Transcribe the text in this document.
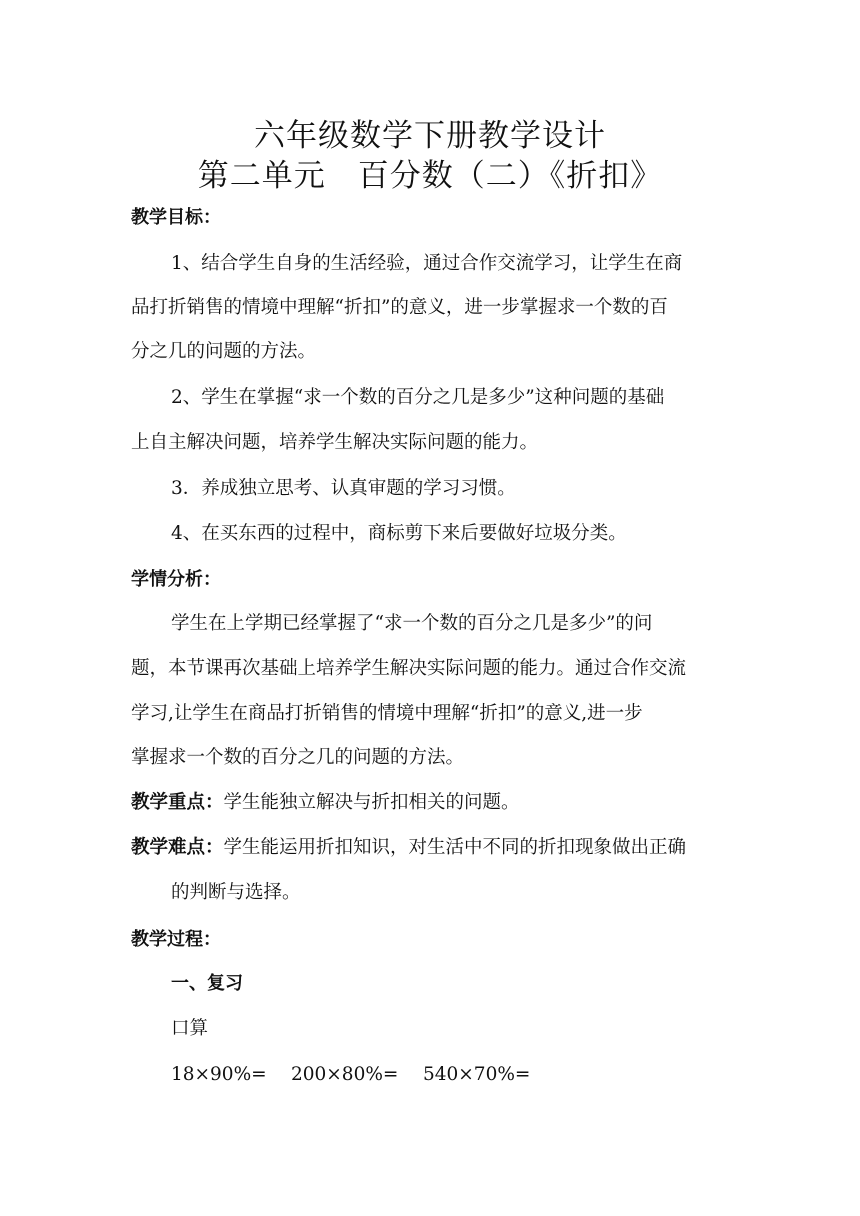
六年级数学下册教学设计
第二单元　百分数（二）《折扣》
教学目标：
1、结合学生自身的生活经验，通过合作交流学习，让学生在商
品打折销售的情境中理解“折扣”的意义，进一步掌握求一个数的百
分之几的问题的方法。
2、学生在掌握“求一个数的百分之几是多少”这种问题的基础
上自主解决问题，培养学生解决实际问题的能力。
3．养成独立思考、认真审题的学习习惯。
4、在买东西的过程中，商标剪下来后要做好垃圾分类。
学情分析：
学生在上学期已经掌握了“求一个数的百分之几是多少”的问
题，本节课再次基础上培养学生解决实际问题的能力。通过合作交流
学习,让学生在商品打折销售的情境中理解“折扣”的意义,进一步
掌握求一个数的百分之几的问题的方法。
教学重点：学生能独立解决与折扣相关的问题。
教学难点：学生能运用折扣知识，对生活中不同的折扣现象做出正确
的判断与选择。
教学过程：
一、复习
口算
18×90%= 200×80%= 540×70%=
